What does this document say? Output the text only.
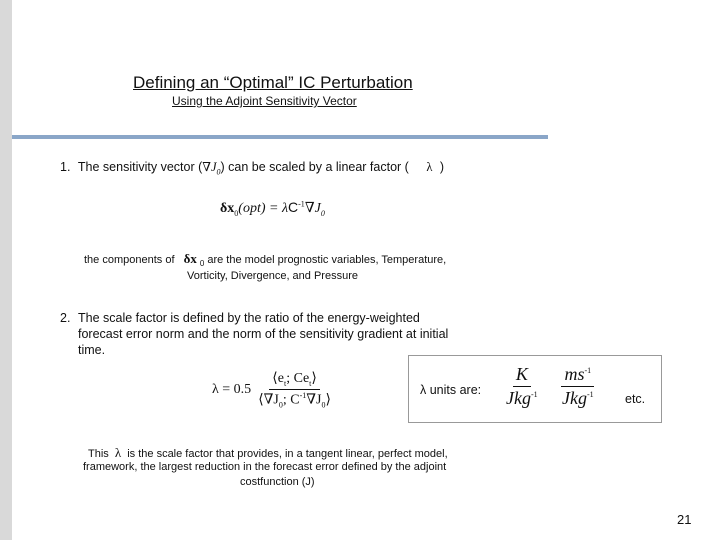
Defining an “Optimal” IC Perturbation
Using the Adjoint Sensitivity Vector
1. The sensitivity vector $(\nabla J_0)$ can be scaled by a linear factor ( λ )
$\delta x_0(opt) = \lambda C^{-1}\nabla J_0$
the components of δx $_0$ are the model prognostic variables, Temperature,
Vorticity, Divergence, and Pressure
2. The scale factor is defined by the ratio of the energy-weighted
forecast error norm and the norm of the sensitivity gradient at initial
time.
$\lambda = 0.5 \frac{⟨e_t; Ce_t⟩}{⟨\nabla J_0; C^{-1}\nabla J_0⟩}$	λ units are: $\frac{K}{Jkg^{-1}} \frac{ms^{-1}}{Jkg^{-1}}$ etc.
This λ is the scale factor that provides, in a tangent linear, perfect model,
framework, the largest reduction in the forecast error defined by the adjoint
costfunction (J)
21
